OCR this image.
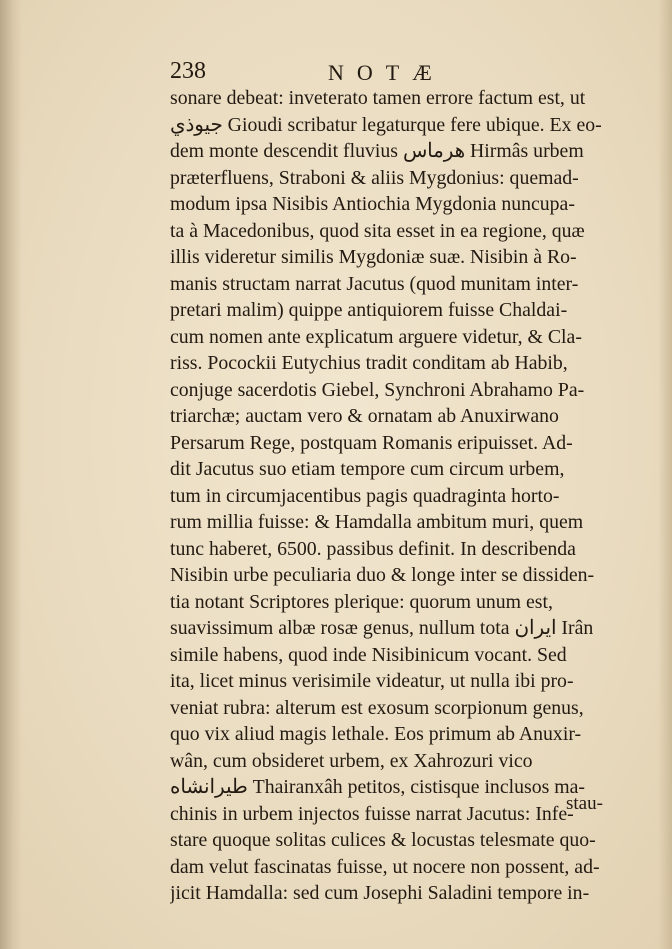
238	NOTÆ
sonare debeat: inveterato tamen errore factum est, ut
جيوذي Gioudi scribatur legaturque fere ubique. Ex eo-
dem monte descendit fluvius هرماس Hirmâs urbem
præterfluens, Straboni & aliis Mygdonius: quemad-
modum ipsa Nisibis Antiochia Mygdonia nuncupa-
ta à Macedonibus, quod sita esset in ea regione, quæ
illis videretur similis Mygdoniæ suæ. Nisibin à Ro-
manis structam narrat Jacutus (quod munitam inter-
pretari malim) quippe antiquiorem fuisse Chaldai-
cum nomen ante explicatum arguere videtur, & Cla-
riss. Pocockii Eutychius tradit conditam ab Habib,
conjuge sacerdotis Giebel, Synchroni Abrahamo Pa-
triarchæ; auctam vero & ornatam ab Anuxirwano
Persarum Rege, postquam Romanis eripuisset. Ad-
dit Jacutus suo etiam tempore cum circum urbem,
tum in circumjacentibus pagis quadraginta horto-
rum millia fuisse: & Hamdalla ambitum muri, quem
tunc haberet, 6500. passibus definit. In describenda
Nisibin urbe peculiaria duo & longe inter se dissiden-
tia notant Scriptores plerique: quorum unum est,
suavissimum albæ rosæ genus, nullum tota ايران Irân
simile habens, quod inde Nisibinicum vocant. Sed
ita, licet minus verisimile videatur, ut nulla ibi pro-
veniat rubra: alterum est exosum scorpionum genus,
quo vix aliud magis lethale. Eos primum ab Anuxir-
wân, cum obsideret urbem, ex Xahrozuri vico
طيرانشاه Thairanxâh petitos, cistisque inclusos ma-
chinis in urbem injectos fuisse narrat Jacutus: Infe-
stare quoque solitas culices & locustas telesmate quo-
dam velut fascinatas fuisse, ut nocere non possent, ad-
jicit Hamdalla: sed cum Josephi Saladini tempore in-
stau-
